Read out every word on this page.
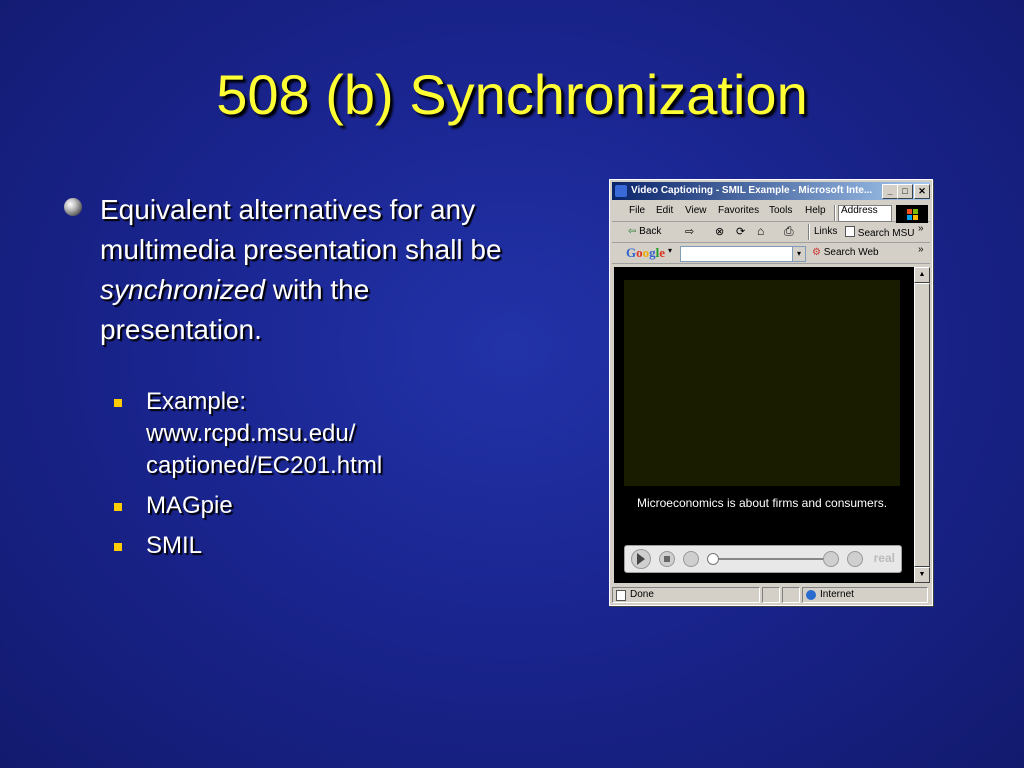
508 (b) Synchronization
Equivalent alternatives for any multimedia presentation shall be synchronized with the presentation.
Example: www.rcpd.msu.edu/ captioned/EC201.html
MAGpie
SMIL
Video Captioning - SMIL Example - Microsoft Inte...	_	□	✕
File Edit View Favorites Tools Help Address
⇦ Back ⇨ ⊗ ⟳ ⌂ ⎙ Links	Search MSU »
Google ▾	▾	⚙ Search Web	»
Microeconomics is about firms and consumers.
real
▲
▼
Done	Internet
